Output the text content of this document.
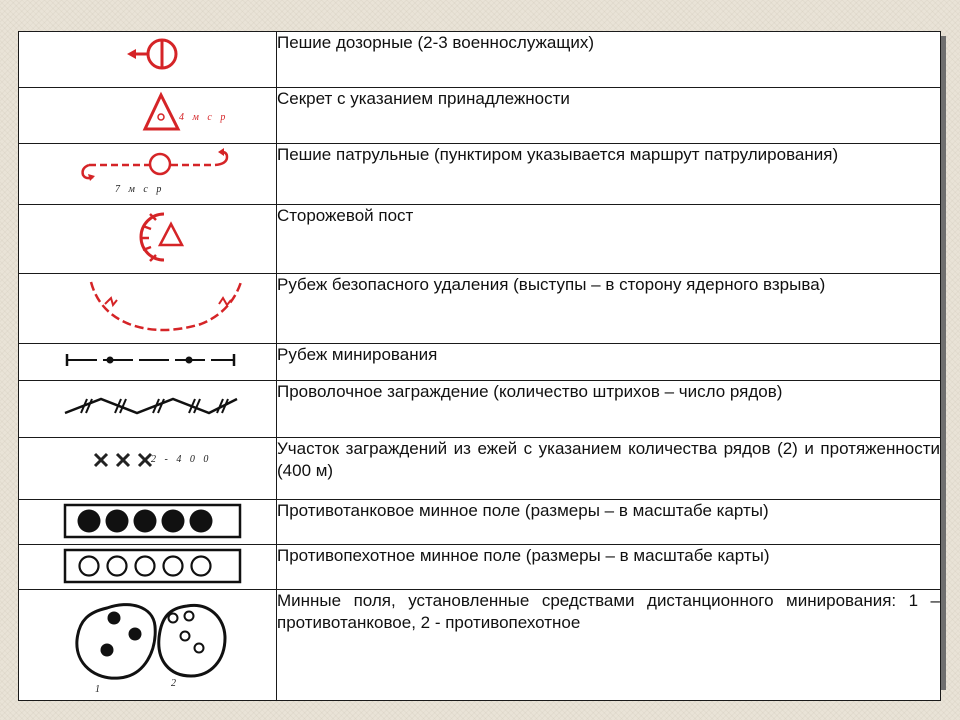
	Пешие дозорные (2-3 военнослужащих)

4 м с р	Секрет с указанием принадлежности

7 м с р	Пешие патрульные (пунктиром указывается маршрут патрулирования)

	Сторожевой пост

	Рубеж безопасного удаления (выступы – в сторону ядерного взрыва)

	Рубеж минирования

	Проволочное заграждение (количество штрихов – число рядов)

2 - 4 0 0	Участок заграждений из ежей с указанием количества рядов (2) и протяженности (400 м)

	Противотанковое минное поле (размеры – в масштабе карты)

	Противопехотное минное поле (размеры – в масштабе карты)

1
2	Минные поля, установленные средствами дистанционного минирования: 1 – противотанковое, 2 - противопехотное
